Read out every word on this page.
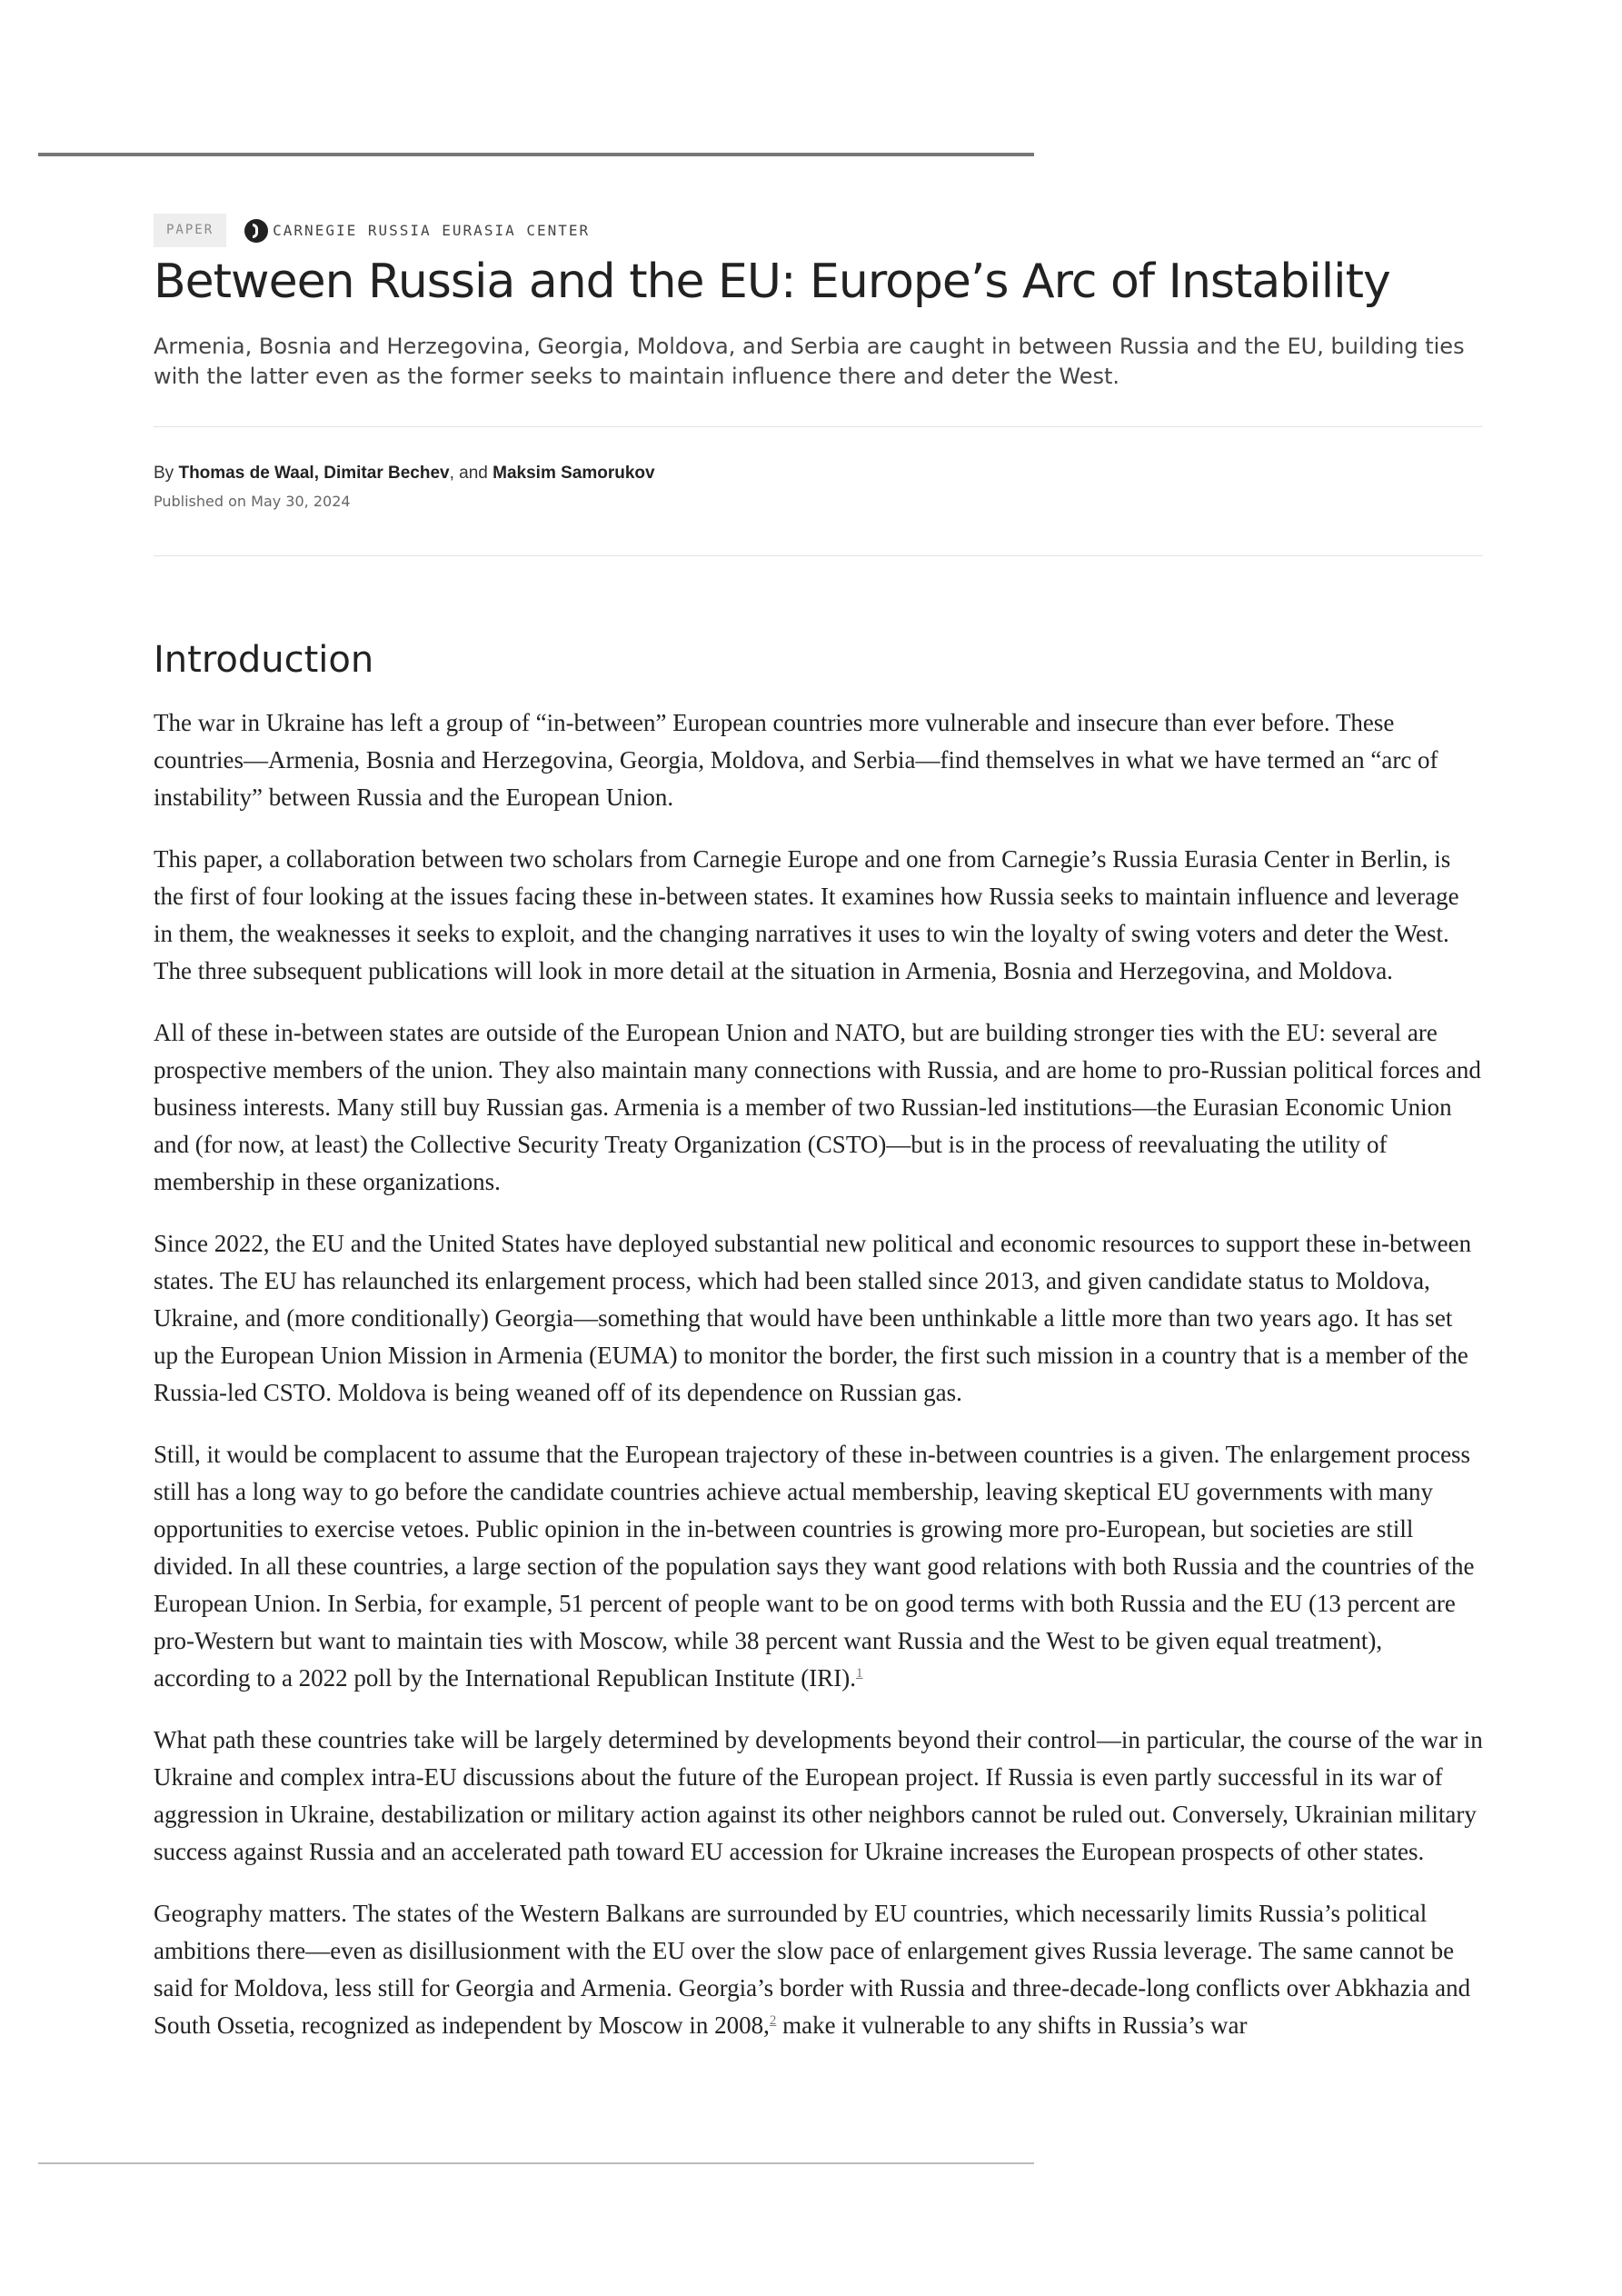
PAPER	CARNEGIE RUSSIA EURASIA CENTER
Between Russia and the EU: Europe’s Arc of Instability
Armenia, Bosnia and Herzegovina, Georgia, Moldova, and Serbia are caught in between Russia and the EU, building ties with the latter even as the former seeks to maintain influence there and deter the West.
By Thomas de Waal, Dimitar Bechev, and Maksim Samorukov
Published on May 30, 2024
Introduction

The war in Ukraine has left a group of “in-between” European countries more vulnerable and insecure than ever before. These countries—Armenia, Bosnia and Herzegovina, Georgia, Moldova, and Serbia—find themselves in what we have termed an “arc of instability” between Russia and the European Union.

This paper, a collaboration between two scholars from Carnegie Europe and one from Carnegie’s Russia Eurasia Center in Berlin, is the first of four looking at the issues facing these in-between states. It examines how Russia seeks to maintain influence and leverage in them, the weaknesses it seeks to exploit, and the changing narratives it uses to win the loyalty of swing voters and deter the West. The three subsequent publications will look in more detail at the situation in Armenia, Bosnia and Herzegovina, and Moldova.

All of these in-between states are outside of the European Union and NATO, but are building stronger ties with the EU: several are prospective members of the union. They also maintain many connections with Russia, and are home to pro-Russian political forces and business interests. Many still buy Russian gas. Armenia is a member of two Russian-led institutions—the Eurasian Economic Union and (for now, at least) the Collective Security Treaty Organization (CSTO)—but is in the process of reevaluating the utility of membership in these organizations.

Since 2022, the EU and the United States have deployed substantial new political and economic resources to support these in-between states. The EU has relaunched its enlargement process, which had been stalled since 2013, and given candidate status to Moldova, Ukraine, and (more conditionally) Georgia—something that would have been unthinkable a little more than two years ago. It has set up the European Union Mission in Armenia (EUMA) to monitor the border, the first such mission in a country that is a member of the Russia-led CSTO. Moldova is being weaned off of its dependence on Russian gas.

Still, it would be complacent to assume that the European trajectory of these in-between countries is a given. The enlargement process still has a long way to go before the candidate countries achieve actual membership, leaving skeptical EU governments with many opportunities to exercise vetoes. Public opinion in the in-between countries is growing more pro-European, but societies are still divided. In all these countries, a large section of the population says they want good relations with both Russia and the countries of the European Union. In Serbia, for example, 51 percent of people want to be on good terms with both Russia and the EU (13 percent are pro-Western but want to maintain ties with Moscow, while 38 percent want Russia and the West to be given equal treatment), according to a 2022 poll by the International Republican Institute (IRI).$^1$

What path these countries take will be largely determined by developments beyond their control—in particular, the course of the war in Ukraine and complex intra-EU discussions about the future of the European project. If Russia is even partly successful in its war of aggression in Ukraine, destabilization or military action against its other neighbors cannot be ruled out. Conversely, Ukrainian military success against Russia and an accelerated path toward EU accession for Ukraine increases the European prospects of other states.

Geography matters. The states of the Western Balkans are surrounded by EU countries, which necessarily limits Russia’s political ambitions there—even as disillusionment with the EU over the slow pace of enlargement gives Russia leverage. The same cannot be said for Moldova, less still for Georgia and Armenia. Georgia’s border with Russia and three-decade-long conflicts over Abkhazia and South Ossetia, recognized as independent by Moscow in 2008,$^2$ make it vulnerable to any shifts in Russia’s war
